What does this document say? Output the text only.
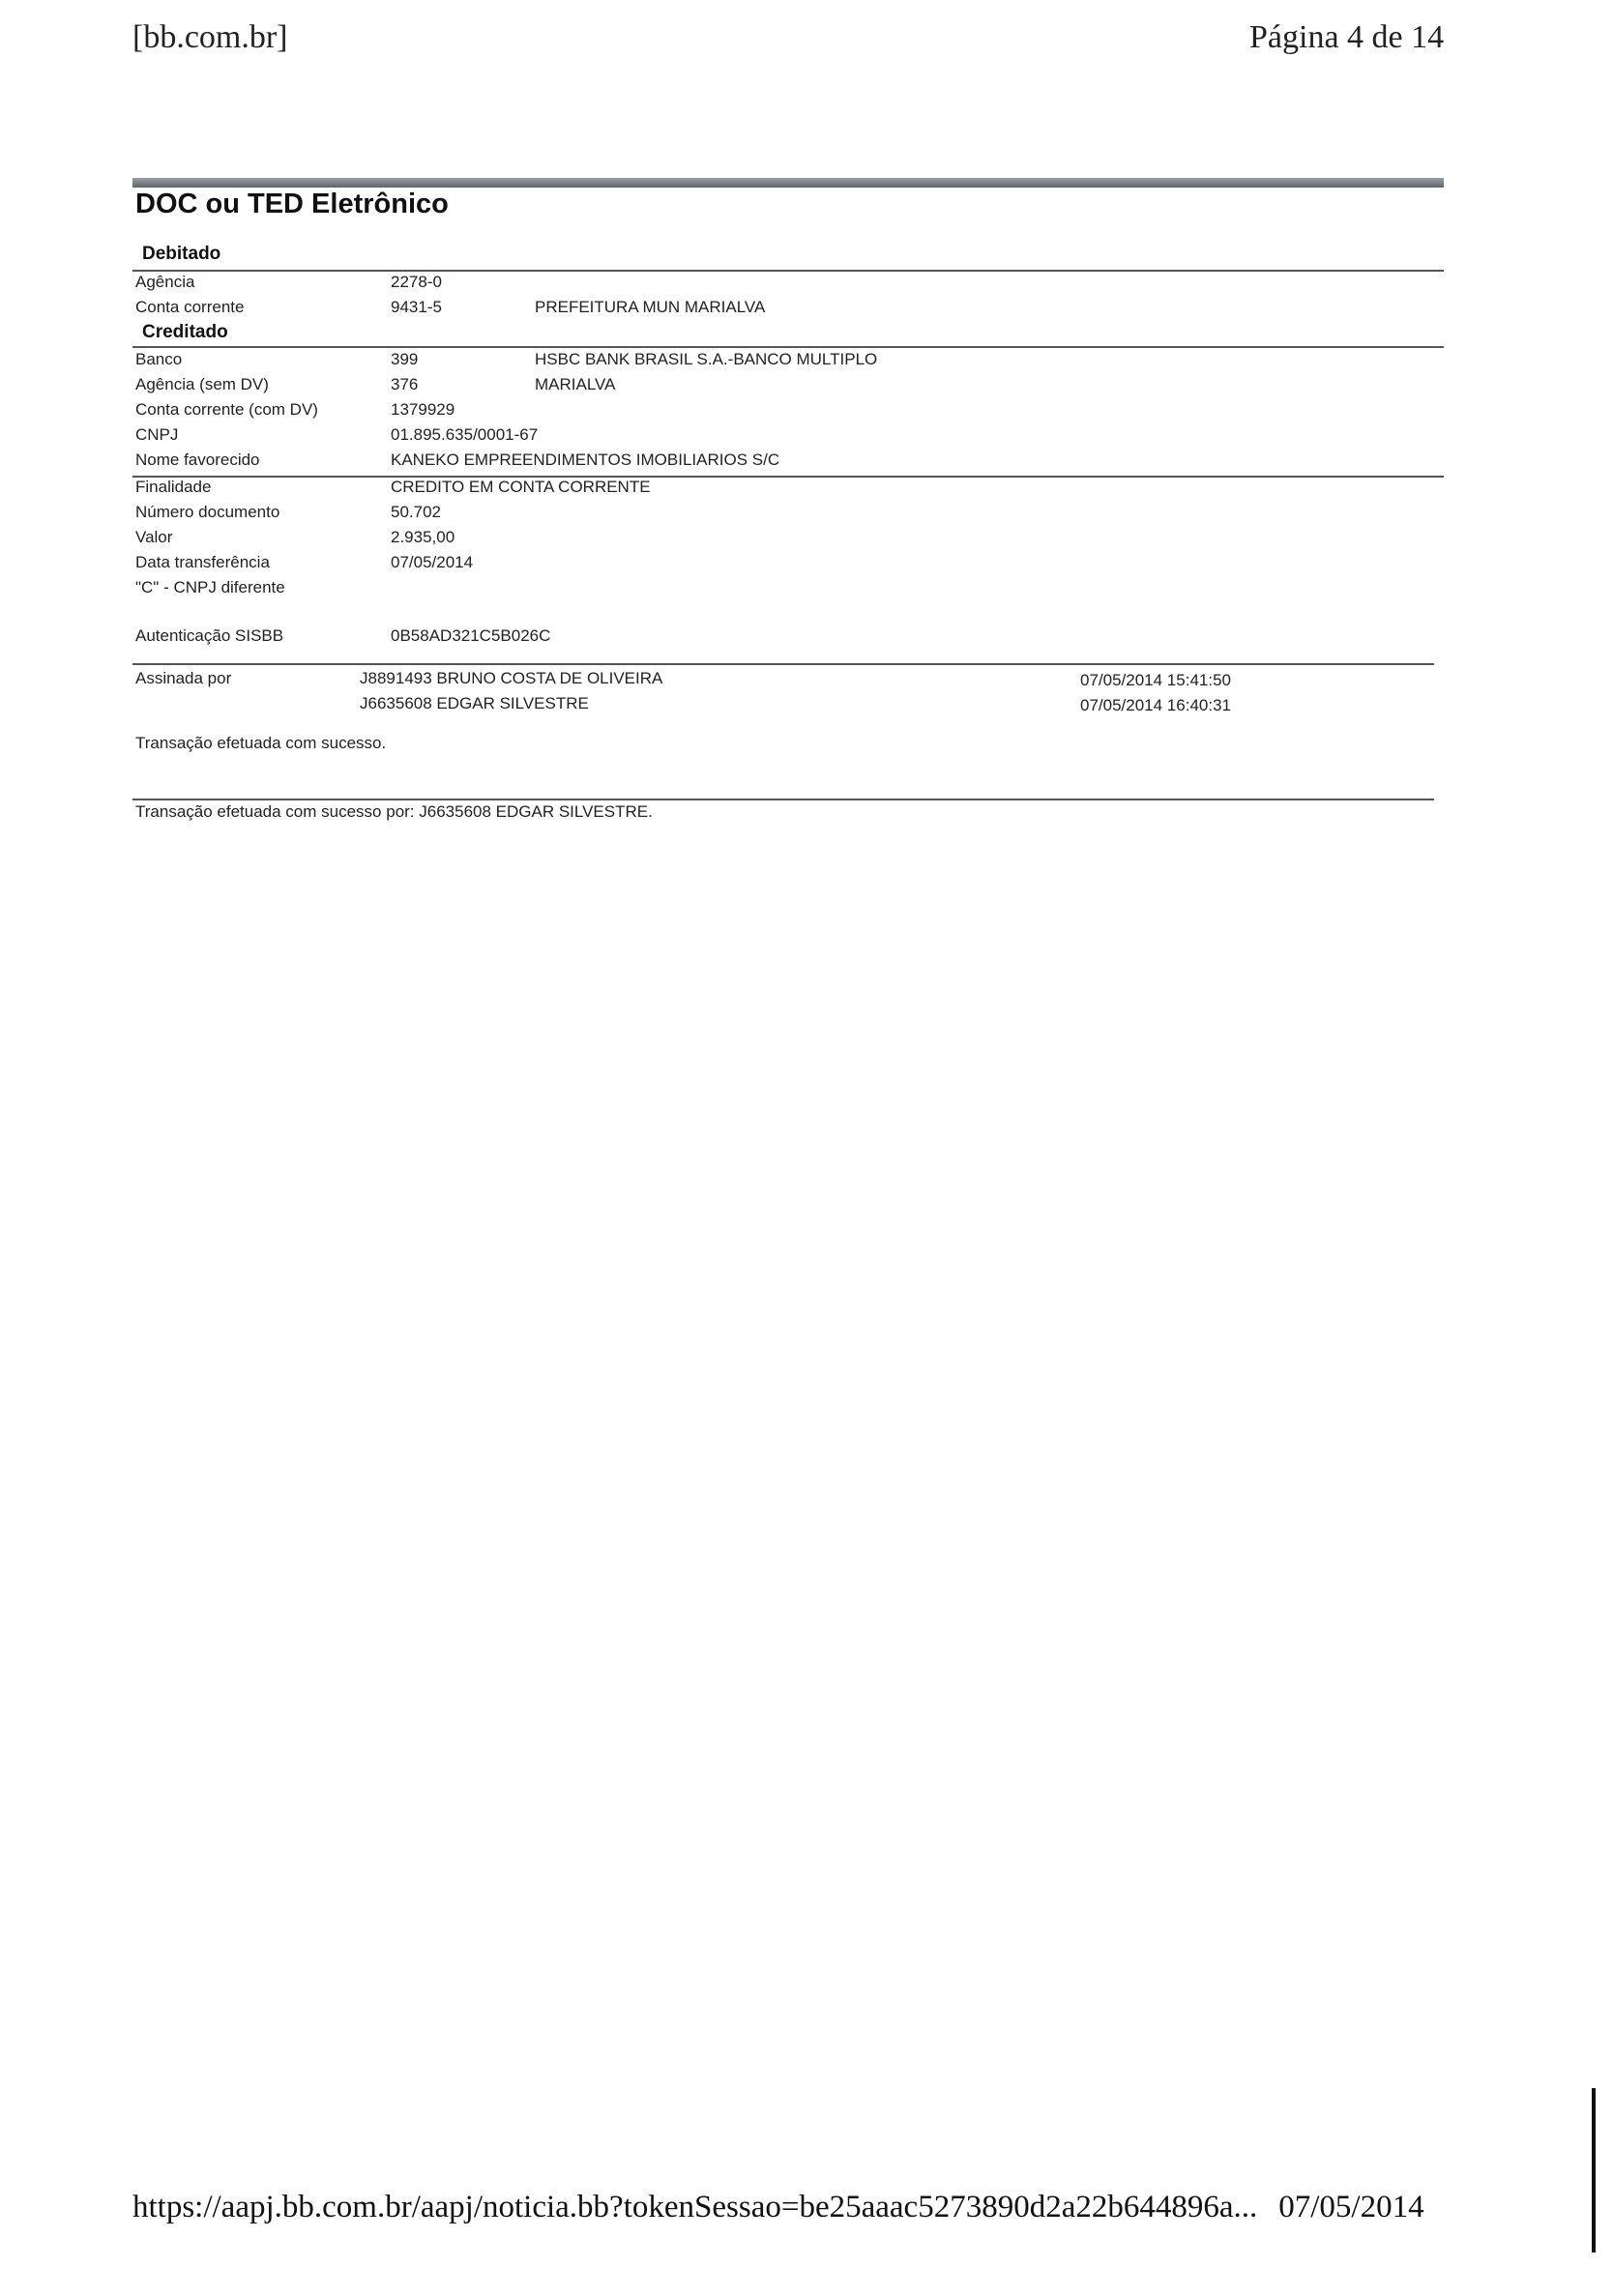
[bb.com.br]	Página 4 de 14
DOC ou TED Eletrônico
Debitado
Agência	2278-0
Conta corrente	9431-5	PREFEITURA MUN MARIALVA
Creditado
Banco	399	HSBC BANK BRASIL S.A.-BANCO MULTIPLO
Agência (sem DV)	376	MARIALVA
Conta corrente (com DV)	1379929
CNPJ	01.895.635/0001-67
Nome favorecido	KANEKO EMPREENDIMENTOS IMOBILIARIOS S/C
Finalidade	CREDITO EM CONTA CORRENTE
Número documento	50.702
Valor	2.935,00
Data transferência	07/05/2014
"C" - CNPJ diferente
Autenticação SISBB	0B58AD321C5B026C
Assinada por	J8891493 BRUNO COSTA DE OLIVEIRA	07/05/2014 15:41:50
J6635608 EDGAR SILVESTRE	07/05/2014 16:40:31
Transação efetuada com sucesso.
Transação efetuada com sucesso por: J6635608 EDGAR SILVESTRE.
https://aapj.bb.com.br/aapj/noticia.bb?tokenSessao=be25aaac5273890d2a22b644896a... 07/05/2014
